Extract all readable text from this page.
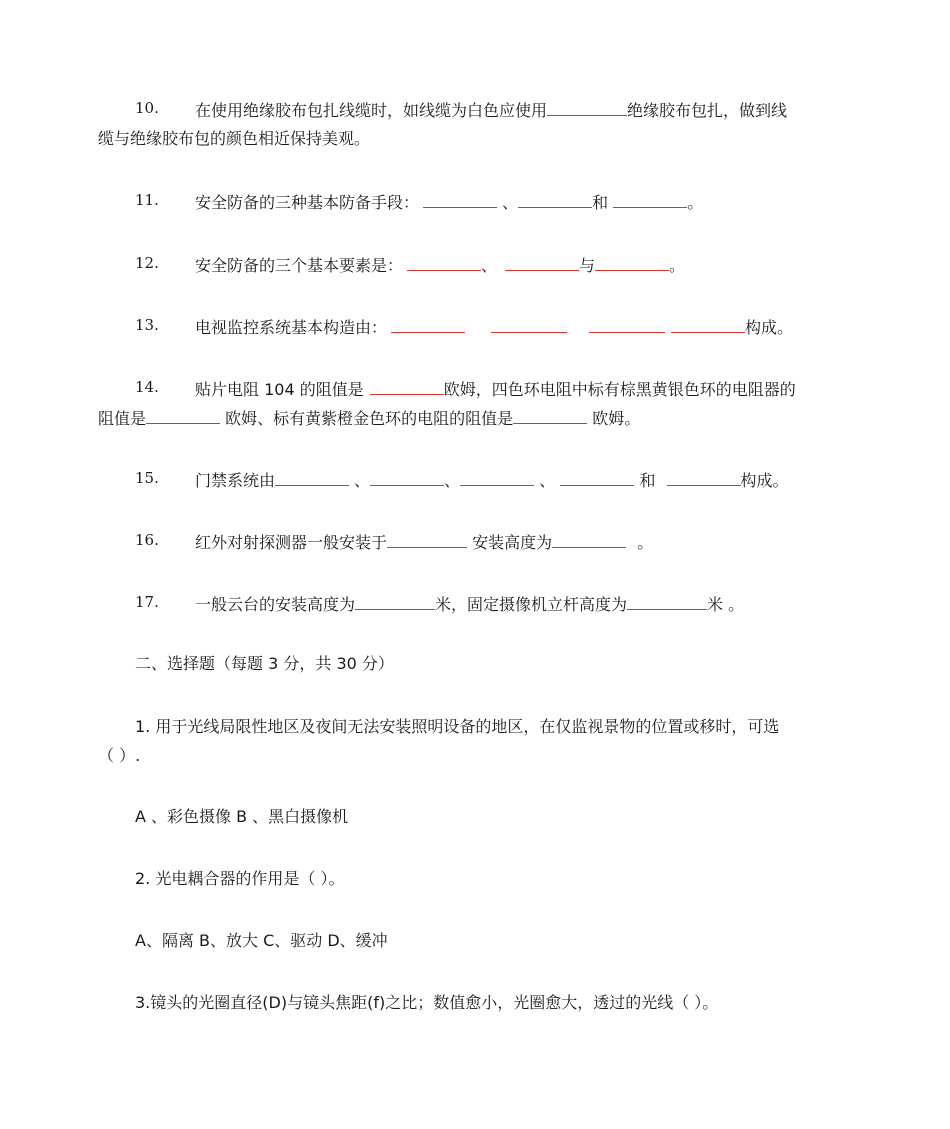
10. 在使用绝缘胶布包扎线缆时，如线缆为白色应使用	绝缘胶布包扎，做到线
缆与绝缘胶布包的颜色相近保持美观。
11. 安全防备的三种基本防备手段：	、	和	。
12. 安全防备的三个基本要素是：	、	与	。
13. 电视监控系统基本构造由：	构成。
14. 贴片电阻 104 的阻值是	欧姆，四色环电阻中标有棕黑黄银色环的电阻器的
阻值是	欧姆、标有黄紫橙金色环的电阻的阻值是	欧姆。
15. 门禁系统由	、	、	、	和	构成。
16. 红外对射探测器一般安装于	安装高度为	。
17. 一般云台的安装高度为	米，固定摄像机立杆高度为	米 。
二、选择题（每题 3 分，共 30 分）
1. 用于光线局限性地区及夜间无法安装照明设备的地区，在仅监视景物的位置或移时，可选
（ ）.
A 、彩色摄像 B 、黑白摄像机
2. 光电耦合器的作用是（ ）。
A、隔离 B、放大 C、驱动 D、缓冲
3.镜头的光圈直径(D)与镜头焦距(f)之比；数值愈小，光圈愈大，透过的光线（ ）。
